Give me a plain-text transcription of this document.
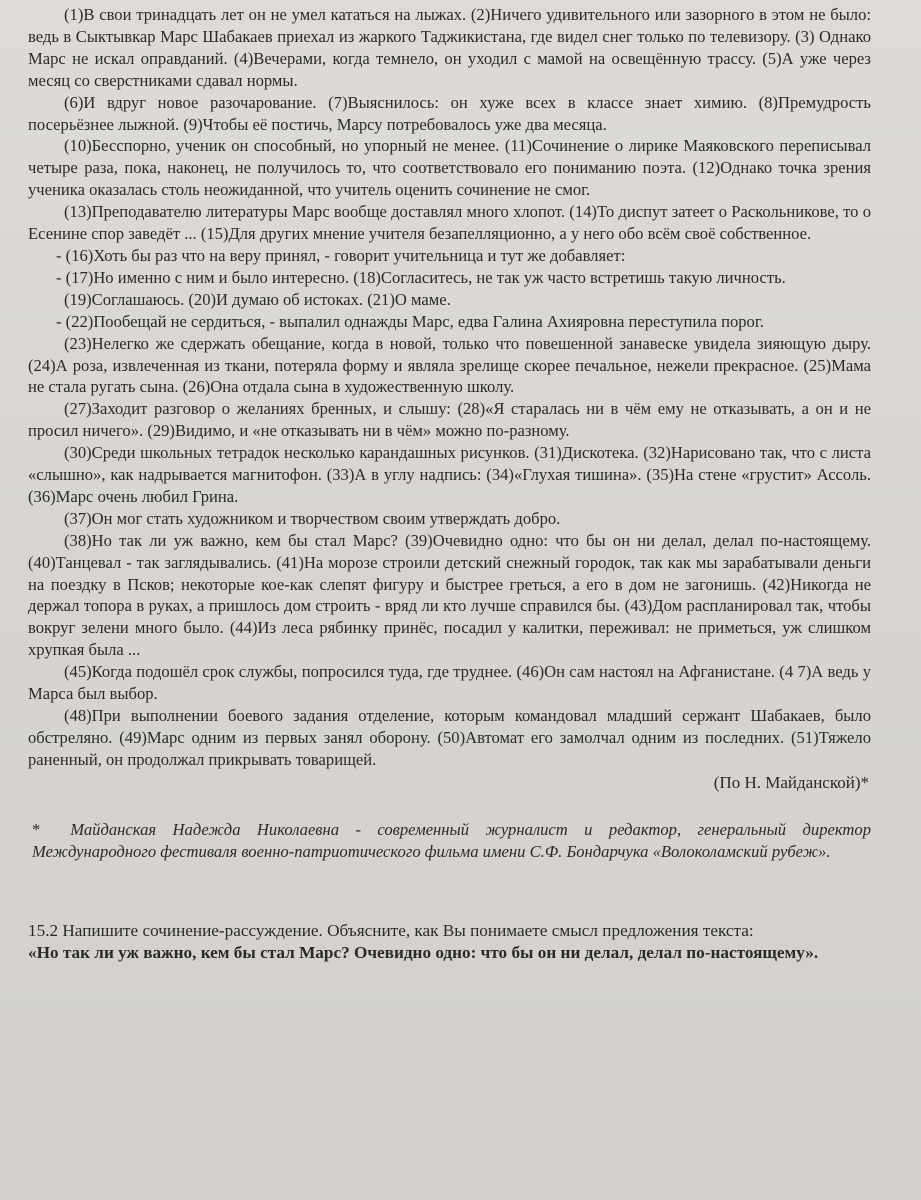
(1)В свои тринадцать лет он не умел кататься на лыжах. (2)Ничего удивительного или зазорного в этом не было: ведь в Сыктывкар Марс Шабакаев приехал из жаркого Таджикистана, где видел снег только по телевизору. (3) Однако Марс не искал оправданий. (4)Вечерами, когда темнело, он уходил с мамой на освещённую трассу. (5)А уже через месяц со сверстниками сдавал нормы.

(6)И вдруг новое разочарование. (7)Выяснилось: он хуже всех в классе знает химию. (8)Премудрость посерьёзнее лыжной. (9)Чтобы её постичь, Марсу потребовалось уже два месяца.

(10)Бесспорно, ученик он способный, но упорный не менее. (11)Сочинение о лирике Маяковского переписывал четыре раза, пока, наконец, не получилось то, что соответствовало его пониманию поэта. (12)Однако точка зрения ученика оказалась столь неожиданной, что учитель оценить сочинение не смог.

(13)Преподавателю литературы Марс вообще доставлял много хлопот. (14)То диспут затеет о Раскольникове, то о Есенине спор заведёт ... (15)Для других мнение учителя безапелляционно, а у него обо всём своё собственное.

- (16)Хоть бы раз что на веру принял, - говорит учительница и тут же добавляет:

- (17)Но именно с ним и было интересно. (18)Согласитесь, не так уж часто встретишь такую личность.

(19)Соглашаюсь. (20)И думаю об истоках. (21)О маме.

- (22)Пообещай не сердиться, - выпалил однажды Марс, едва Галина Ахияровна переступила порог.

(23)Нелегко же сдержать обещание, когда в новой, только что повешенной занавеске увидела зияющую дыру. (24)А роза, извлеченная из ткани, потеряла форму и являла зрелище скорее печальное, нежели прекрасное. (25)Мама не стала ругать сына. (26)Она отдала сына в художественную школу.

(27)Заходит разговор о желаниях бренных, и слышу: (28)«Я старалась ни в чём ему не отказывать, а он и не просил ничего». (29)Видимо, и «не отказывать ни в чём» можно по-разному.

(30)Среди школьных тетрадок несколько карандашных рисунков. (31)Дискотека. (32)Нарисовано так, что с листа «слышно», как надрывается магнитофон. (33)А в углу надпись: (34)«Глухая тишина». (35)На стене «грустит» Ассоль. (36)Марс очень любил Грина.

(37)Он мог стать художником и творчеством своим утверждать добро.

(38)Но так ли уж важно, кем бы стал Марс? (39)Очевидно одно: что бы он ни делал, делал по-настоящему. (40)Танцевал - так заглядывались. (41)На морозе строили детский снежный городок, так как мы зарабатывали деньги на поездку в Псков; некоторые кое-как слепят фигуру и быстрее греться, а его в дом не загонишь. (42)Никогда не держал топора в руках, а пришлось дом строить - вряд ли кто лучше справился бы. (43)Дом распланировал так, чтобы вокруг зелени много было. (44)Из леса рябинку принёс, посадил у калитки, переживал: не приметься, уж слишком хрупкая была ...

(45)Когда подошёл срок службы, попросился туда, где труднее. (46)Он сам настоял на Афганистане. (4 7)А ведь у Марса был выбор.

(48)При выполнении боевого задания отделение, которым командовал младший сержант Шабакаев, было обстреляно. (49)Марс одним из первых занял оборону. (50)Автомат его замолчал одним из последних. (51)Тяжело раненный, он продолжал прикрывать товарищей.

(По Н. Майданской)*

* Майданская Надежда Николаевна - современный журналист и редактор, генеральный директор Международного фестиваля военно-патриотического фильма имени С.Ф. Бондарчука «Волоколамский рубеж».
15.2 Напишите сочинение-рассуждение. Объясните, как Вы понимаете смысл предложения текста:
«Но так ли уж важно, кем бы стал Марс? Очевидно одно: что бы он ни делал, делал по-настоящему».
